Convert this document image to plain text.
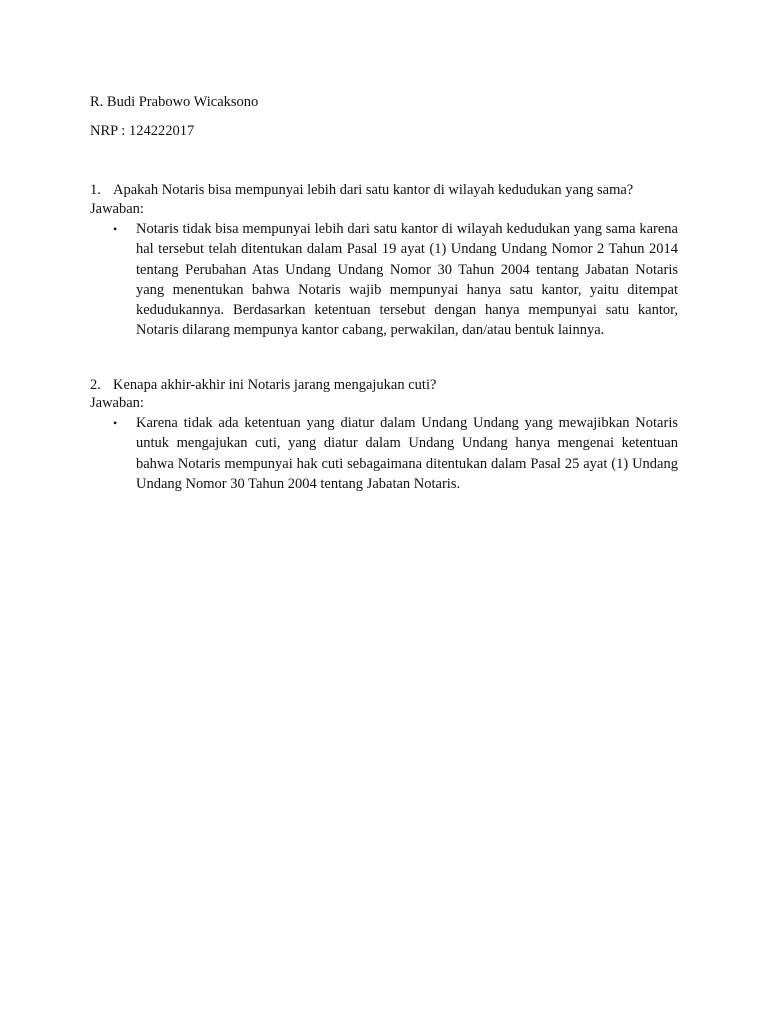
R. Budi Prabowo Wicaksono
NRP : 124222017
1. Apakah Notaris bisa mempunyai lebih dari satu kantor di wilayah kedudukan yang sama?
Jawaban:
• Notaris tidak bisa mempunyai lebih dari satu kantor di wilayah kedudukan yang sama karena hal tersebut telah ditentukan dalam Pasal 19 ayat (1) Undang Undang Nomor 2 Tahun 2014 tentang Perubahan Atas Undang Undang Nomor 30 Tahun 2004 tentang Jabatan Notaris yang menentukan bahwa Notaris wajib mempunyai hanya satu kantor, yaitu ditempat kedudukannya. Berdasarkan ketentuan tersebut dengan hanya mempunyai satu kantor, Notaris dilarang mempunya kantor cabang, perwakilan, dan/atau bentuk lainnya.

2. Kenapa akhir-akhir ini Notaris jarang mengajukan cuti?
Jawaban:
• Karena tidak ada ketentuan yang diatur dalam Undang Undang yang mewajibkan Notaris untuk mengajukan cuti, yang diatur dalam Undang Undang hanya mengenai ketentuan bahwa Notaris mempunyai hak cuti sebagaimana ditentukan dalam Pasal 25 ayat (1) Undang Undang Nomor 30 Tahun 2004 tentang Jabatan Notaris.
